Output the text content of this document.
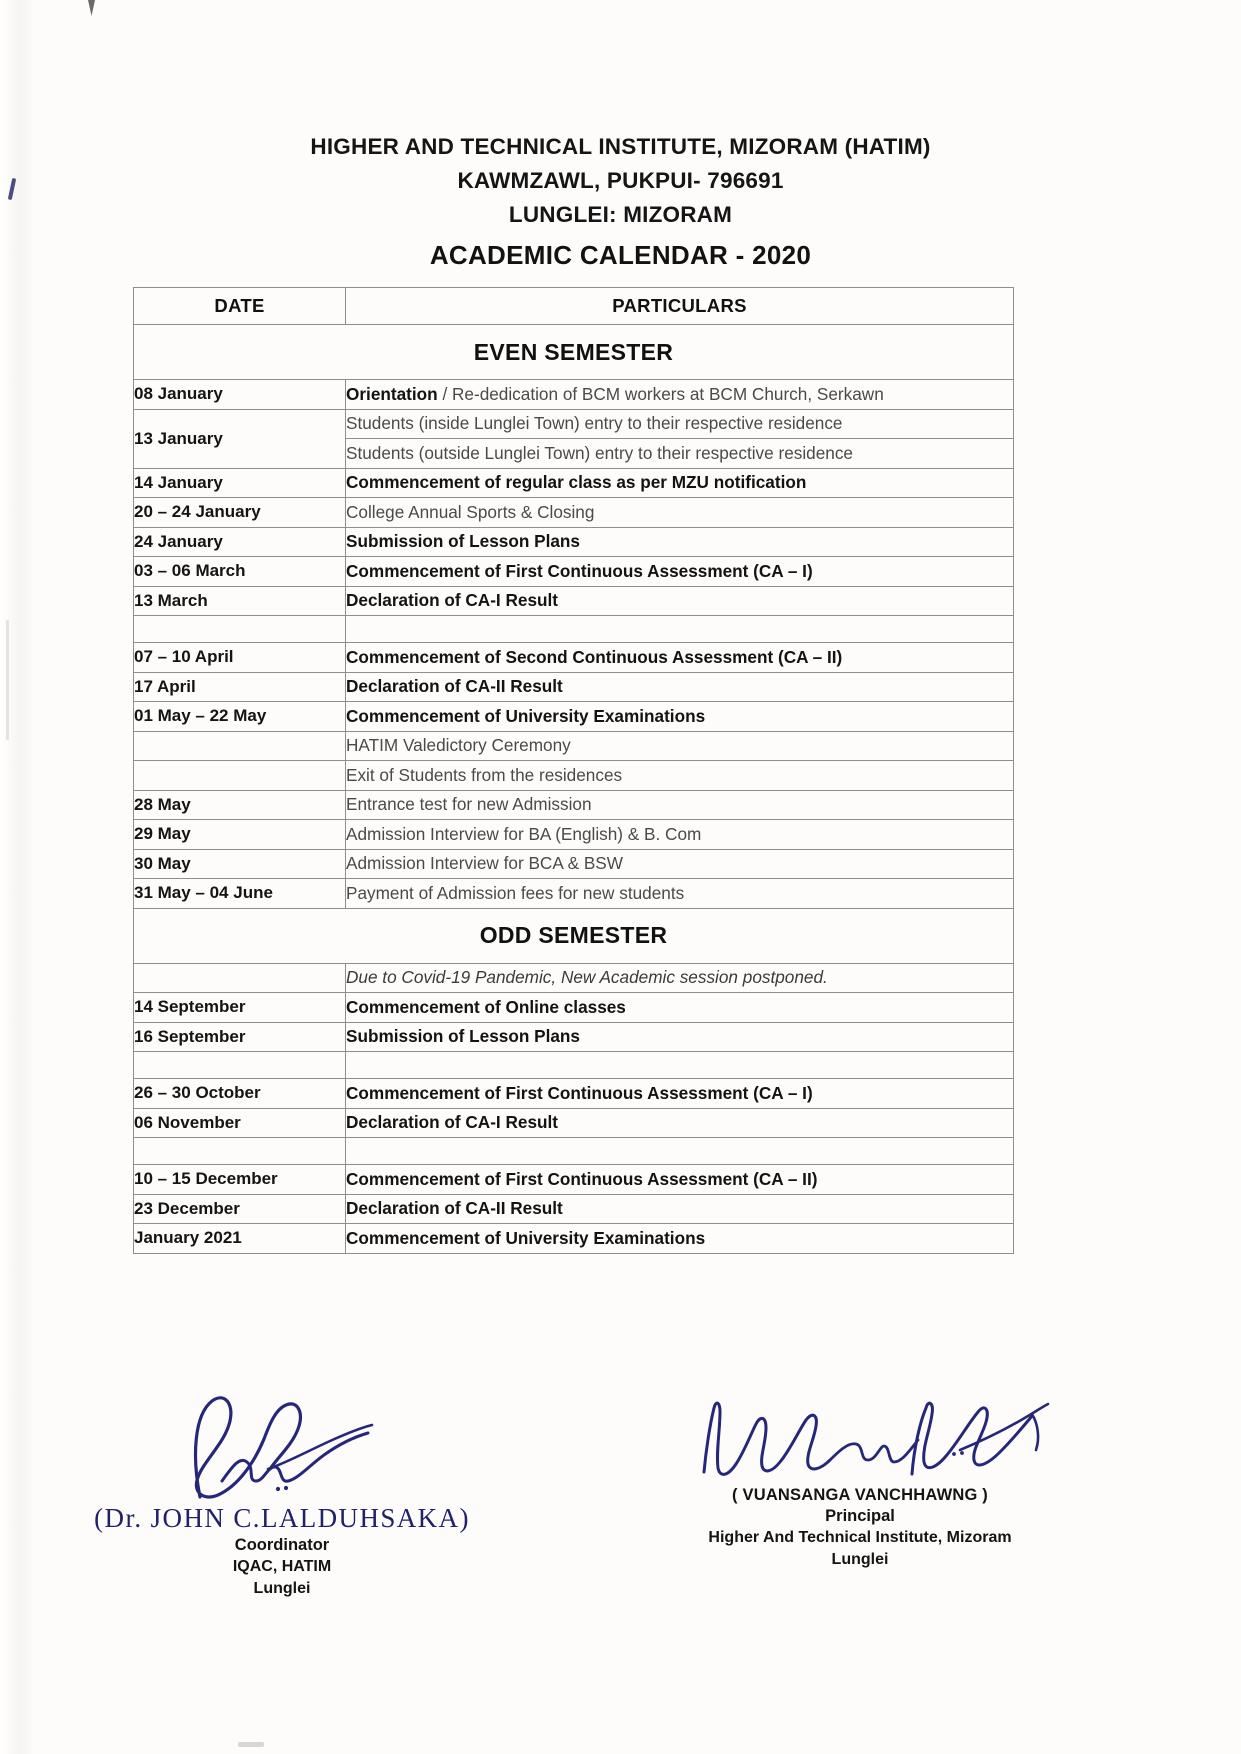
HIGHER AND TECHNICAL INSTITUTE, MIZORAM (HATIM)
KAWMZAWL, PUKPUI- 796691
LUNGLEI: MIZORAM
ACADEMIC CALENDAR - 2020
DATE	PARTICULARS
EVEN SEMESTER	
08 January	Orientation / Re-dedication of BCM workers at BCM Church, Serkawn
13 January	Students (inside Lunglei Town) entry to their respective residence
	Students (outside Lunglei Town) entry to their respective residence
14 January	Commencement of regular class as per MZU notification
20 – 24 January	College Annual Sports & Closing
24 January	Submission of Lesson Plans
03 – 06 March	Commencement of First Continuous Assessment (CA – I)
13 March	Declaration of CA-I Result

07 – 10 April	Commencement of Second Continuous Assessment (CA – II)
17 April	Declaration of CA-II Result
01 May – 22 May	Commencement of University Examinations
	HATIM Valedictory Ceremony
	Exit of Students from the residences
28 May	Entrance test for new Admission
29 May	Admission Interview for BA (English) & B. Com
30 May	Admission Interview for BCA & BSW
31 May – 04 June	Payment of Admission fees for new students
ODD SEMESTER	
	Due to Covid-19 Pandemic, New Academic session postponed.
14 September	Commencement of Online classes
16 September	Submission of Lesson Plans

26 – 30 October	Commencement of First Continuous Assessment (CA – I)
06 November	Declaration of CA-I Result

10 – 15 December	Commencement of First Continuous Assessment (CA – II)
23 December	Declaration of CA-II Result
January 2021	Commencement of University Examinations
(Dr. JOHN C.LALDUHSAKA)
Coordinator
IQAC, HATIM
Lunglei
( VUANSANGA VANCHHAWNG )
Principal
Higher And Technical Institute, Mizoram
Lunglei
